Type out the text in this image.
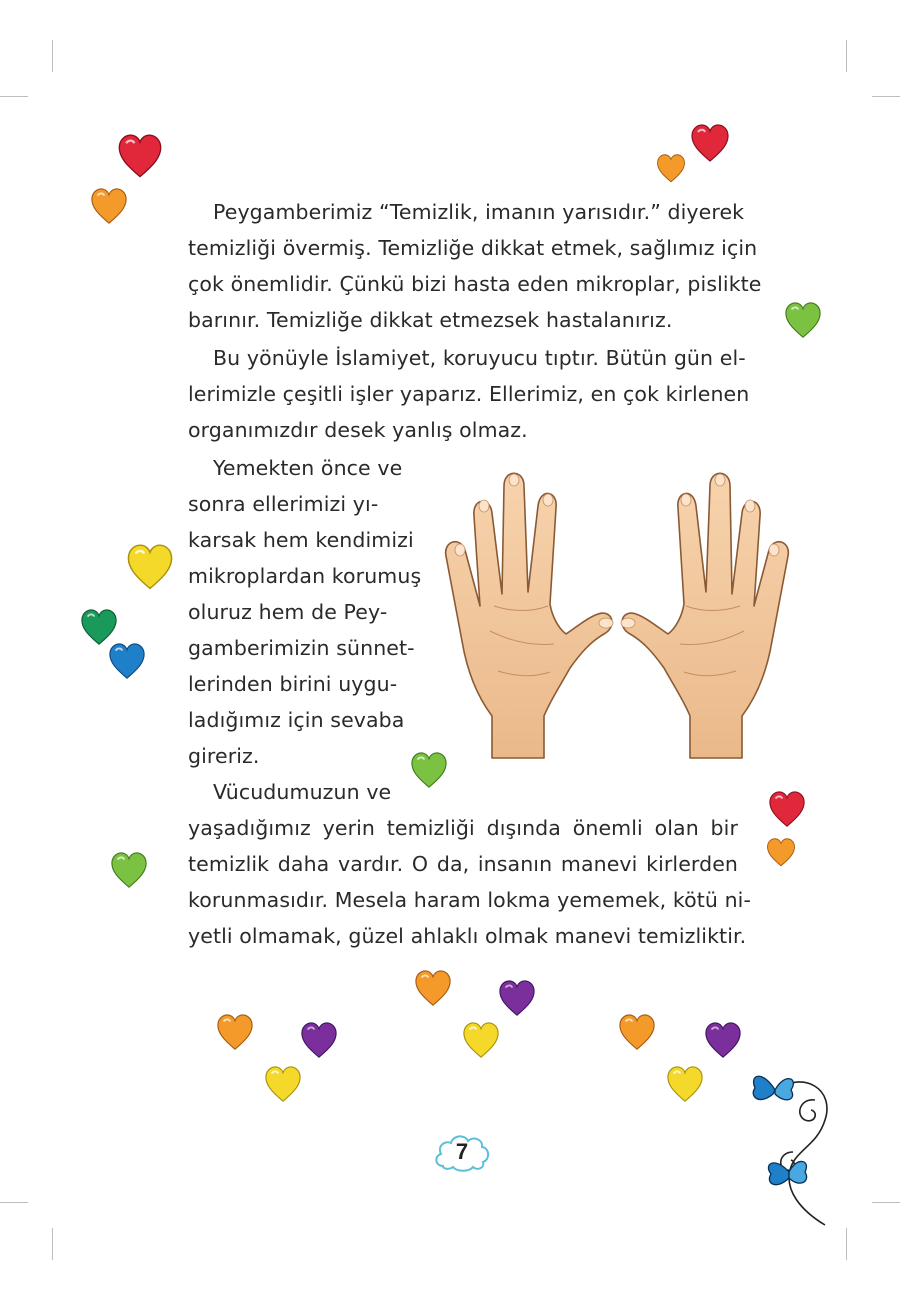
Peygamberimiz “Temizlik, imanın yarısıdır.” diyerek
temizliği övermiş. Temizliğe dikkat etmek, sağlımız için
çok önemlidir. Çünkü bizi hasta eden mikroplar, pislikte
barınır. Temizliğe dikkat etmezsek hastalanırız.
Bu yönüyle İslamiyet, koruyucu tıptır. Bütün gün el-
lerimizle çeşitli işler yaparız. Ellerimiz, en çok kirlenen
organımızdır desek yanlış olmaz.
Yemekten önce ve
sonra ellerimizi yı-
karsak hem kendimizi
mikroplardan korumuş
oluruz hem de Pey-
gamberimizin sünnet-
lerinden birini uygu-
ladığımız için sevaba
gireriz.
Vücudumuzun ve
yaşadığımız yerin temizliği dışında önemli olan bir
temizlik daha vardır. O da, insanın manevi kirlerden
korunmasıdır. Mesela haram lokma yememek, kötü ni-
yetli olmamak, güzel ahlaklı olmak manevi temizliktir.
7
